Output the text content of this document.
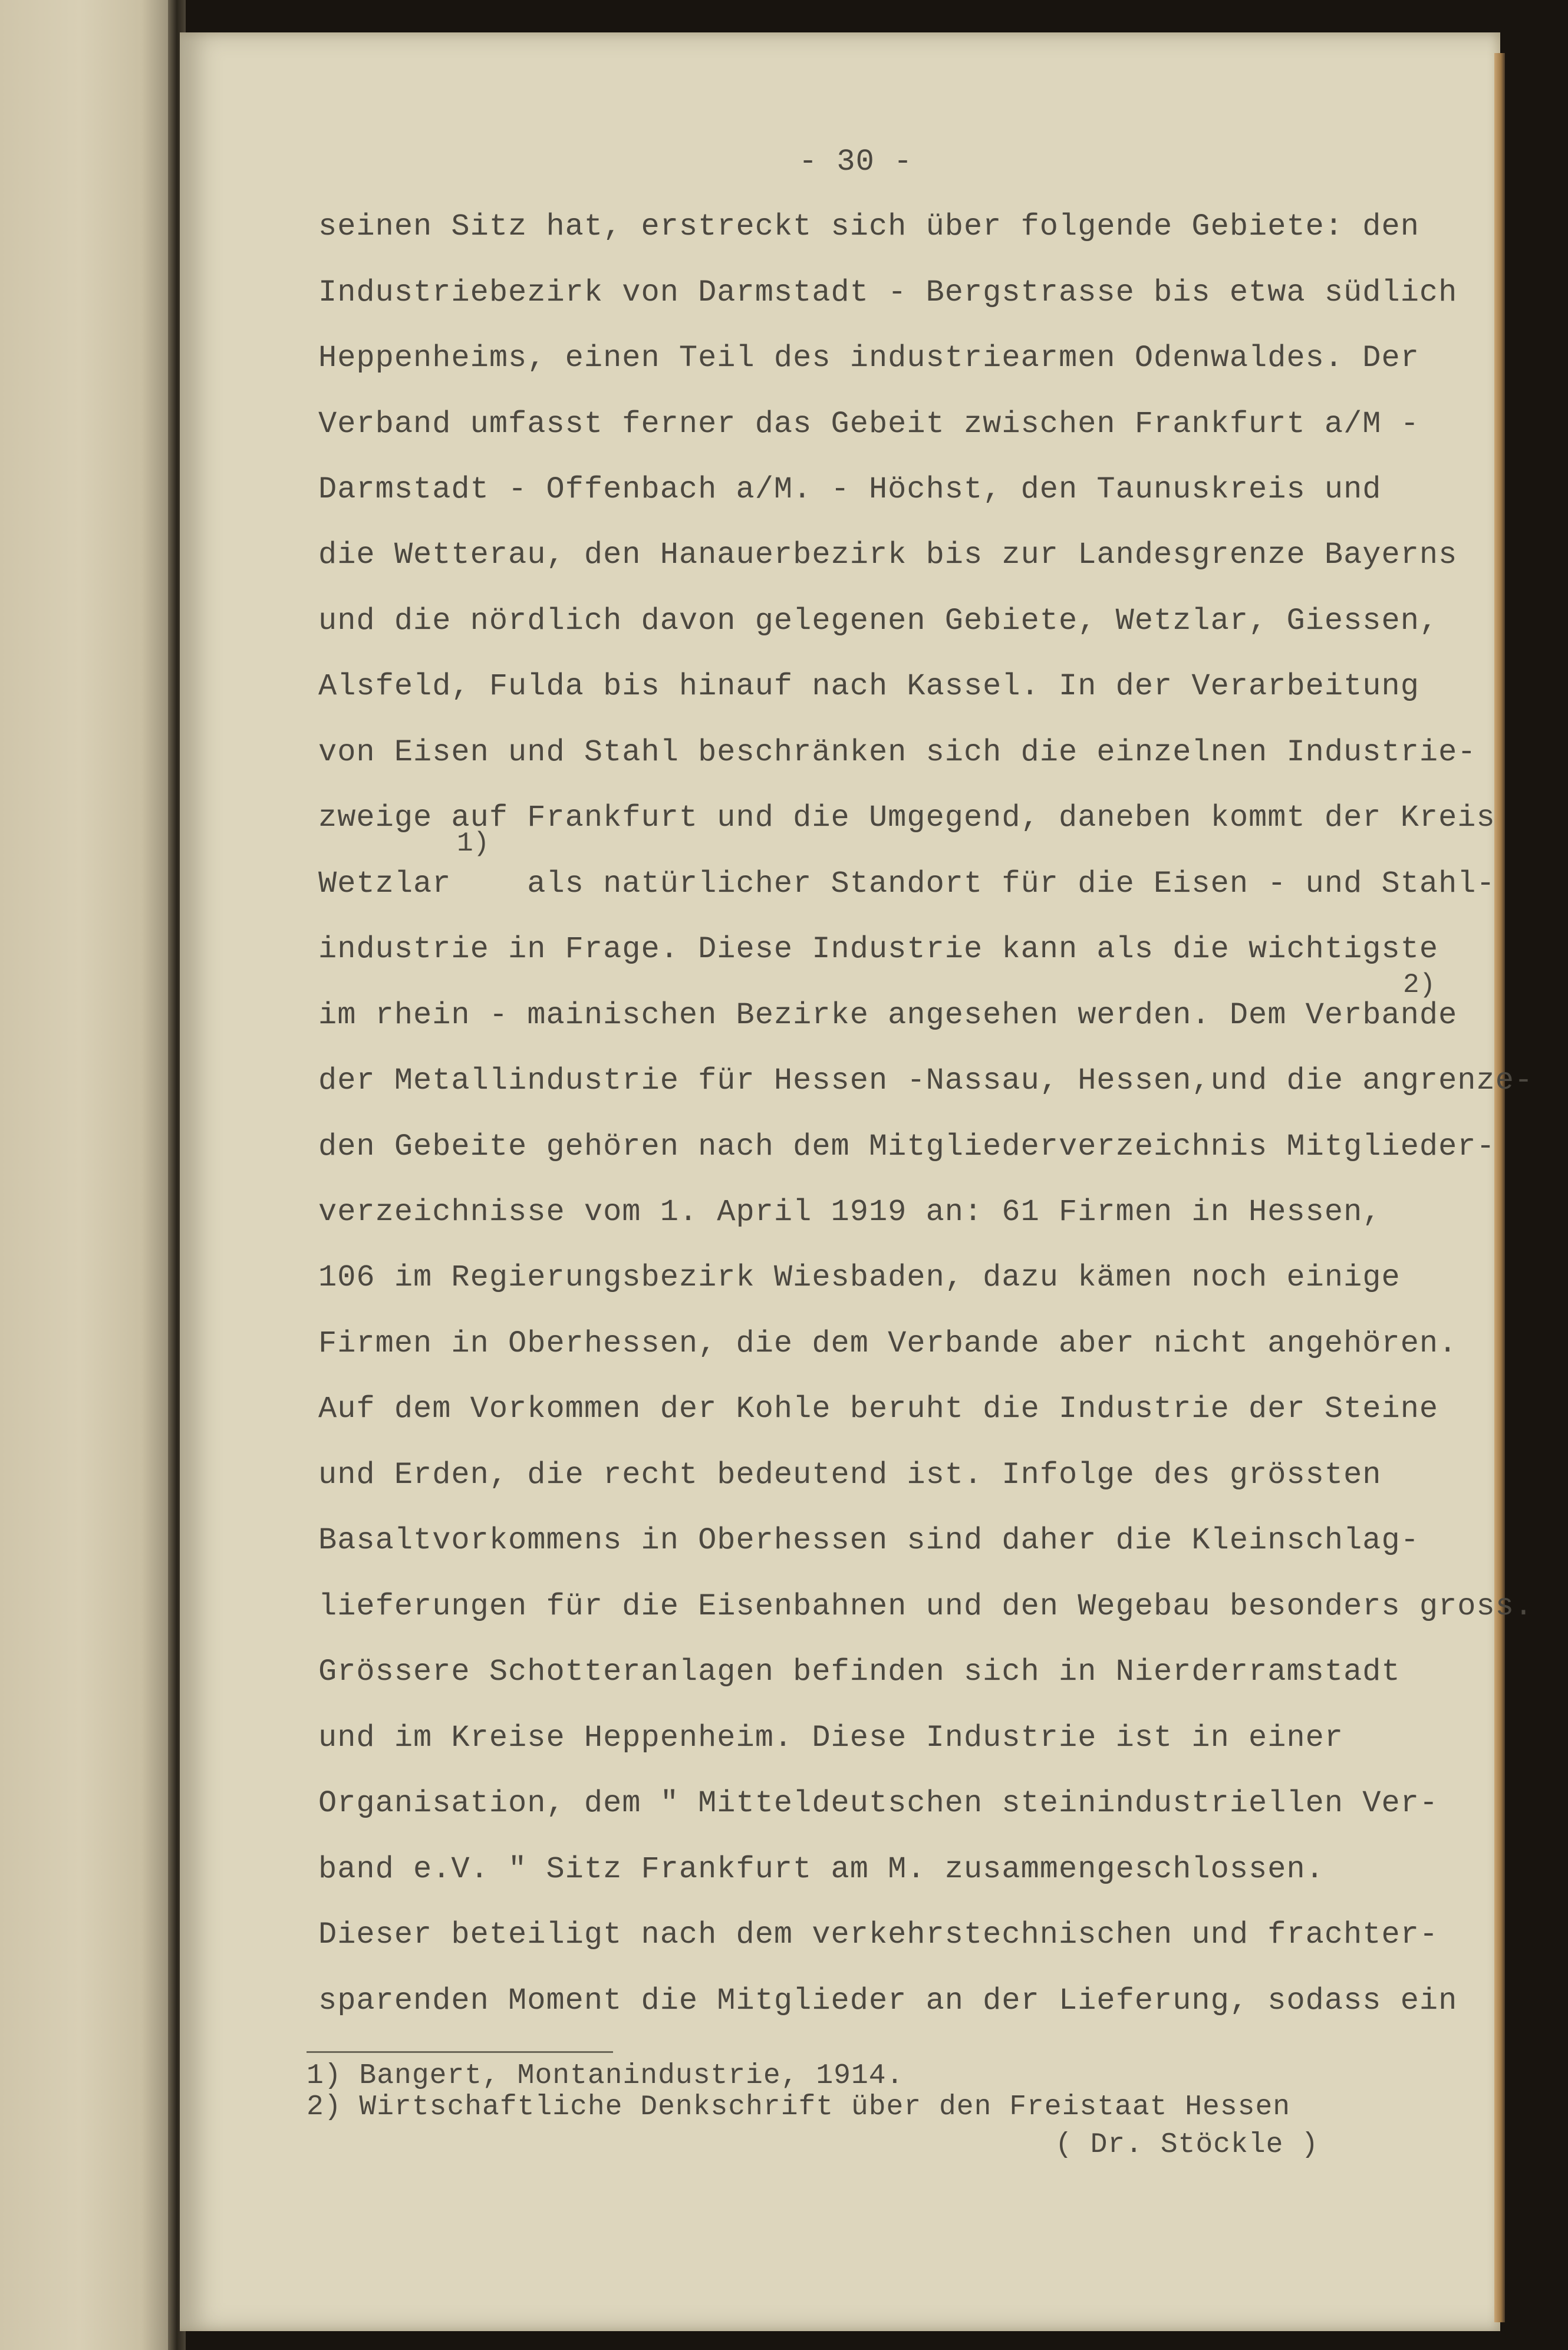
- 30 -
seinen Sitz hat, erstreckt sich über folgende Gebiete: den
Industriebezirk von Darmstadt - Bergstrasse bis etwa südlich
Heppenheims, einen Teil des industriearmen Odenwaldes. Der
Verband umfasst ferner das Gebeit zwischen Frankfurt a/M -
Darmstadt - Offenbach a/M. - Höchst, den Taunuskreis und
die Wetterau, den Hanauerbezirk bis zur Landesgrenze Bayerns
und die nördlich davon gelegenen Gebiete, Wetzlar, Giessen,
Alsfeld, Fulda bis hinauf nach Kassel. In der Verarbeitung
von Eisen und Stahl beschränken sich die einzelnen Industrie-
zweige auf Frankfurt und die Umgegend, daneben kommt der Kreis
1)
Wetzlar    als natürlicher Standort für die Eisen - und Stahl-
industrie in Frage. Diese Industrie kann als die wichtigste
2)
im rhein - mainischen Bezirke angesehen werden. Dem Verbande
der Metallindustrie für Hessen -Nassau, Hessen,und die angrenze-
den Gebeite gehören nach dem Mitgliederverzeichnis Mitglieder-
verzeichnisse vom 1. April 1919 an: 61 Firmen in Hessen,
106 im Regierungsbezirk Wiesbaden, dazu kämen noch einige
Firmen in Oberhessen, die dem Verbande aber nicht angehören.
Auf dem Vorkommen der Kohle beruht die Industrie der Steine
und Erden, die recht bedeutend ist. Infolge des grössten
Basaltvorkommens in Oberhessen sind daher die Kleinschlag-
lieferungen für die Eisenbahnen und den Wegebau besonders gross.
Grössere Schotteranlagen befinden sich in Nierderramstadt
und im Kreise Heppenheim. Diese Industrie ist in einer
Organisation, dem " Mitteldeutschen steinindustriellen Ver-
band e.V. " Sitz Frankfurt am M. zusammengeschlossen.
Dieser beteiligt nach dem verkehrstechnischen und frachter-
sparenden Moment die Mitglieder an der Lieferung, sodass ein
1) Bangert, Montanindustrie, 1914.
2) Wirtschaftliche Denkschrift über den Freistaat Hessen
( Dr. Stöckle )
